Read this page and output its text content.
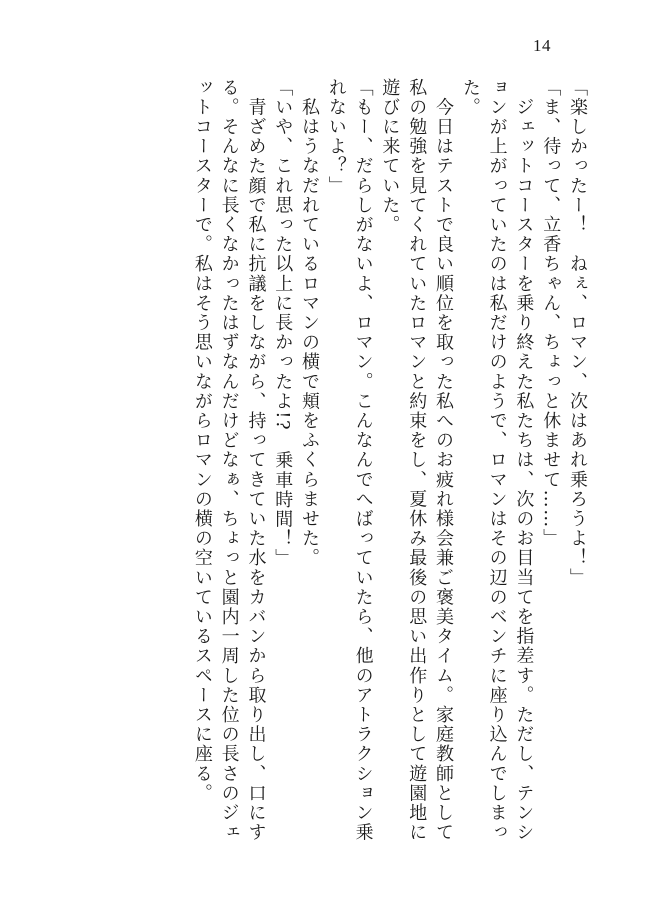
14

「楽しかったー！　ねぇ、ロマン、次はあれ乗ろうよ！」

「ま、待って、立香ちゃん、ちょっと休ませて……」

　ジェットコースターを乗り終えた私たちは、次のお目当てを指差す。ただし、テンションが上がっていたのは私だけのようで、ロマンはその辺のベンチに座り込んでしまった。

　今日はテストで良い順位を取った私へのお疲れ様会兼ご褒美タイム。家庭教師として私の勉強を見てくれていたロマンと約束をし、夏休み最後の思い出作りとして遊園地に遊びに来ていた。

「もー、だらしがないよ、ロマン。こんなんでへばっていたら、他のアトラクション乗れないよ？」

　私はうなだれているロマンの横で頬をふくらませた。

「いや、これ思った以上に長かったよ!?　乗車時間！」

　青ざめた顔で私に抗議をしながら、持ってきていた水をカバンから取り出し、口にする。そんなに長くなかったはずなんだけどなぁ、ちょっと園内一周した位の長さのジェットコースターで。私はそう思いながらロマンの横の空いているスペースに座る。
